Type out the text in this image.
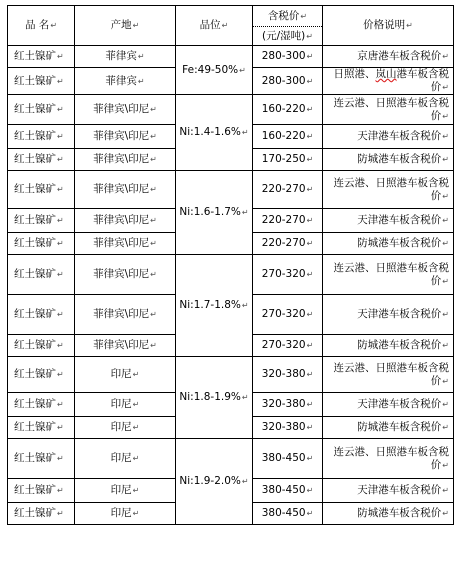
品 名↵	产地↵	品位↵	含税价↵	价格说明↵
			(元/湿吨)↵	
红土镍矿↵	菲律宾↵	Fe:49-50%↵	280-300↵	京唐港车板含税价↵
红土镍矿↵	菲律宾↵		280-300↵	日照港、岚山港车板含税价↵
红土镍矿↵	菲律宾\印尼↵	Ni:1.4-1.6%↵	160-220↵	连云港、日照港车板含税价↵
红土镍矿↵	菲律宾\印尼↵		160-220↵	天津港车板含税价↵
红土镍矿↵	菲律宾\印尼↵		170-250↵	防城港车板含税价↵
红土镍矿↵	菲律宾\印尼↵	Ni:1.6-1.7%↵	220-270↵	连云港、日照港车板含税
价↵
红土镍矿↵	菲律宾\印尼↵		220-270↵	天津港车板含税价↵
红土镍矿↵	菲律宾\印尼↵		220-270↵	防城港车板含税价↵
红土镍矿↵	菲律宾\印尼↵	Ni:1.7-1.8%↵	270-320↵	连云港、日照港车板含税
价↵
红土镍矿↵	菲律宾\印尼↵		270-320↵	天津港车板含税价↵
红土镍矿↵	菲律宾\印尼↵		270-320↵	防城港车板含税价↵
红土镍矿↵	印尼↵	Ni:1.8-1.9%↵	320-380↵	连云港、日照港车板含税
价↵
红土镍矿↵	印尼↵		320-380↵	天津港车板含税价↵
红土镍矿↵	印尼↵		320-380↵	防城港车板含税价↵
红土镍矿↵	印尼↵	Ni:1.9-2.0%↵	380-450↵	连云港、日照港车板含税
价↵
红土镍矿↵	印尼↵		380-450↵	天津港车板含税价↵
红土镍矿↵	印尼↵		380-450↵	防城港车板含税价↵
